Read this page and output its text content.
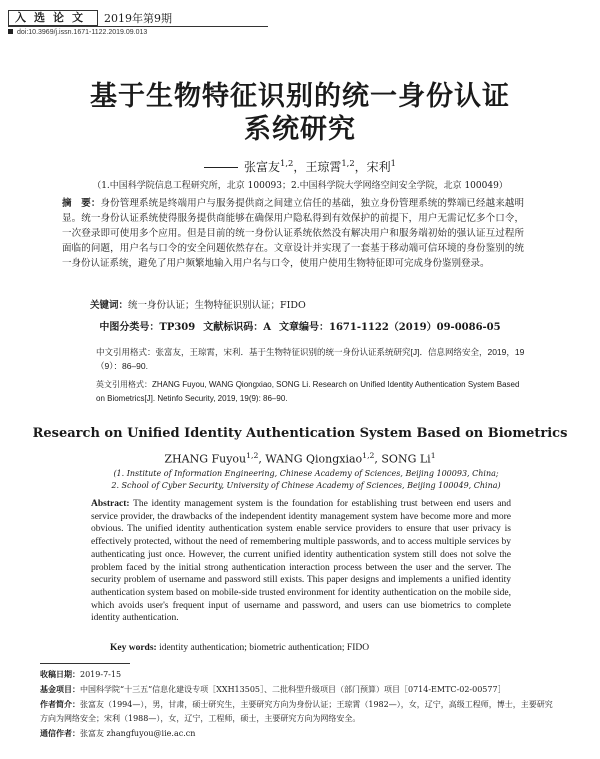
入选论文	2019年第9期
doi:10.3969/j.issn.1671-1122.2019.09.013
基于生物特征识别的统一身份认证
系统研究
张富友$^{1,2}$，王琼霄$^{1,2}$，宋利$^1$
（1.中国科学院信息工程研究所，北京 100093；2.中国科学院大学网络空间安全学院，北京 100049）
摘　要：身份管理系统是终端用户与服务提供商之间建立信任的基础，独立身份管理系统的弊端已经越来越明显。统一身份认证系统使得服务提供商能够在确保用户隐私得到有效保护的前提下，用户无需记忆多个口令，一次登录即可使用多个应用。但是目前的统一身份认证系统依然没有解决用户和服务端初始的强认证互过程所面临的问题，用户名与口令的安全问题依然存在。文章设计并实现了一套基于移动端可信环境的身份鉴别的统一身份认证系统，避免了用户频繁地输入用户名与口令，使用户使用生物特征即可完成身份鉴别登录。
关键词：统一身份认证；生物特征识别认证；FIDO
中图分类号：TP309 文献标识码：A 文章编号：1671-1122（2019）09-0086-05
中文引用格式：张富友，王琼霄，宋利．基于生物特征识别的统一身份认证系统研究[J]．信息网络安全，2019，19（9）：86–90.
英文引用格式：ZHANG Fuyou, WANG Qiongxiao, SONG Li. Research on Unified Identity Authentication System Based on Biometrics[J]. Netinfo Security, 2019, 19(9): 86–90.
Research on Unified Identity Authentication System Based on Biometrics
ZHANG Fuyou$^{1,2}$, WANG Qiongxiao$^{1,2}$, SONG Li$^1$
(1. Institute of Information Engineering, Chinese Academy of Sciences, Beijing 100093, China; 2. School of Cyber Security, University of Chinese Academy of Sciences, Beijing 100049, China)
Abstract: The identity management system is the foundation for establishing trust between end users and service provider, the drawbacks of the independent identity management system have become more and more obvious. The unified identity authentication system enable service providers to ensure that user privacy is effectively protected, without the need of remembering multiple passwords, and to access multiple services by authenticating just once. However, the current unified identity authentication system still does not solve the problem faced by the initial strong authentication interaction process between the user and the server. The security problem of username and password still exists. This paper designs and implements a unified identity authentication system based on mobile-side trusted environment for identity authentication on the mobile side, which avoids user's frequent input of username and password, and users can use biometrics to complete identity authentication.
Key words: identity authentication; biometric authentication; FIDO
收稿日期：2019-7-15
基金项目：中国科学院“十三五”信息化建设专项［XXH13505］、二批科型升级项目（部门预算）项目［0714-EMTC-02-00577］
作者简介：张富友（1994—），男，甘肃，硕士研究生，主要研究方向为身份认证；王琼霄（1982—），女，辽宁，高级工程师，博士，主要研究方向为网络安全；宋利（1988—），女，辽宁，工程师，硕士，主要研究方向为网络安全。
通信作者：张富友 zhangfuyou@iie.ac.cn
